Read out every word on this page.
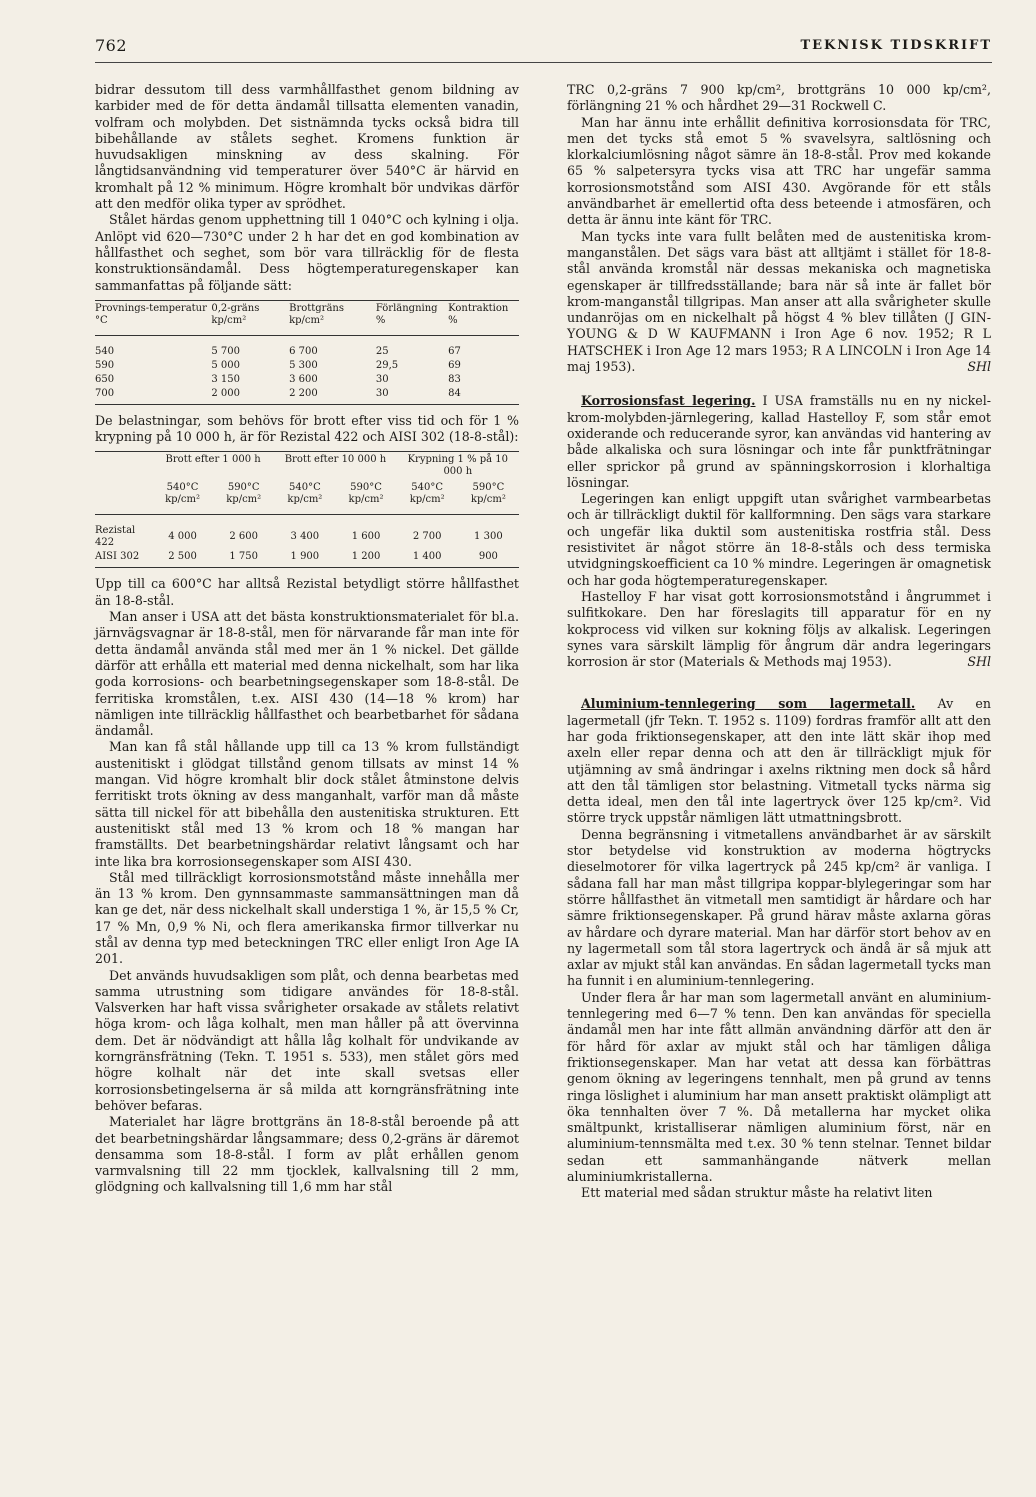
762	TEKNISK TIDSKRIFT

bidrar dessutom till dess varmhållfasthet genom bildning av karbider med de för detta ändamål tillsatta elementen vanadin, volfram och molybden. Det sistnämnda tycks också bidra till bibehållande av stålets seghet. Kromens funktion är huvudsakligen minskning av dess skalning. För långtidsanvändning vid temperaturer över 540°C är härvid en kromhalt på 12 % minimum. Högre kromhalt bör undvikas därför att den medför olika typer av sprödhet.

Stålet härdas genom upphettning till 1 040°C och kylning i olja. Anlöpt vid 620—730°C under 2 h har det en god kombination av hållfasthet och seghet, som bör vara tillräcklig för de flesta konstruktionsändamål. Dess högtemperaturegenskaper kan sammanfattas på följande sätt:

Provnings-temperatur °C	0,2-gräns kp/cm²	Brottgräns kp/cm²	Förlängning %	Kontraktion %
540	5 700	6 700	25	67
590	5 000	5 300	29,5	69
650	3 150	3 600	30	83
700	2 000	2 200	30	84

De belastningar, som behövs för brott efter viss tid och för 1 % krypning på 10 000 h, är för Rezistal 422 och AISI 302 (18-8-stål):

	Brott efter 1 000 h		Brott efter 10 000 h		Krypning 1 % på 10 000 h	
	540°C kp/cm²	590°C kp/cm²	540°C kp/cm²	590°C kp/cm²	540°C kp/cm²	590°C kp/cm²
Rezistal 422	4 000	2 600	3 400	1 600	2 700	1 300
AISI 302	2 500	1 750	1 900	1 200	1 400	900

Upp till ca 600°C har alltså Rezistal betydligt större hållfasthet än 18-8-stål.

Man anser i USA att det bästa konstruktionsmaterialet för bl.a. järnvägsvagnar är 18-8-stål, men för närvarande får man inte för detta ändamål använda stål med mer än 1 % nickel. Det gällde därför att erhålla ett material med denna nickelhalt, som har lika goda korrosions- och bearbetningsegenskaper som 18-8-stål. De ferritiska kromstålen, t.ex. AISI 430 (14—18 % krom) har nämligen inte tillräcklig hållfasthet och bearbetbarhet för sådana ändamål.

Man kan få stål hållande upp till ca 13 % krom fullständigt austenitiskt i glödgat tillstånd genom tillsats av minst 14 % mangan. Vid högre kromhalt blir dock stålet åtminstone delvis ferritiskt trots ökning av dess manganhalt, varför man då måste sätta till nickel för att bibehålla den austenitiska strukturen. Ett austenitiskt stål med 13 % krom och 18 % mangan har framställts. Det bearbetningshärdar relativt långsamt och har inte lika bra korrosionsegenskaper som AISI 430.

Stål med tillräckligt korrosionsmotstånd måste innehålla mer än 13 % krom. Den gynnsammaste sammansättningen man då kan ge det, när dess nickelhalt skall understiga 1 %, är 15,5 % Cr, 17 % Mn, 0,9 % Ni, och flera amerikanska firmor tillverkar nu stål av denna typ med beteckningen TRC eller enligt Iron Age IA 201.

Det används huvudsakligen som plåt, och denna bearbetas med samma utrustning som tidigare användes för 18-8-stål. Valsverken har haft vissa svårigheter orsakade av stålets relativt höga krom- och låga kolhalt, men man håller på att övervinna dem. Det är nödvändigt att hålla låg kolhalt för undvikande av korngränsfrätning (Tekn. T. 1951 s. 533), men stålet görs med högre kolhalt när det inte skall svetsas eller korrosionsbetingelserna är så milda att korngränsfrätning inte behöver befaras.

Materialet har lägre brottgräns än 18-8-stål beroende på att det bearbetningshärdar långsammare; dess 0,2-gräns är däremot densamma som 18-8-stål. I form av plåt erhållen genom varmvalsning till 22 mm tjocklek, kallvalsning till 2 mm, glödgning och kallvalsning till 1,6 mm har stål

TRC 0,2-gräns 7 900 kp/cm², brottgräns 10 000 kp/cm², förlängning 21 % och hårdhet 29—31 Rockwell C.

Man har ännu inte erhållit definitiva korrosionsdata för TRC, men det tycks stå emot 5 % svavelsyra, saltlösning och klorkalciumlösning något sämre än 18-8-stål. Prov med kokande 65 % salpetersyra tycks visa att TRC har ungefär samma korrosionsmotstånd som AISI 430. Avgörande för ett ståls användbarhet är emellertid ofta dess beteende i atmosfären, och detta är ännu inte känt för TRC.

Man tycks inte vara fullt belåten med de austenitiska krom-manganstålen. Det sägs vara bäst att alltjämt i stället för 18-8-stål använda kromstål när dessas mekaniska och magnetiska egenskaper är tillfredsställande; bara när så inte är fallet bör krom-manganstål tillgripas. Man anser att alla svårigheter skulle undanröjas om en nickelhalt på högst 4 % blev tillåten (J GIN-YOUNG & D W KAUFMANN i Iron Age 6 nov. 1952; R L HATSCHEK i Iron Age 12 mars 1953; R A LINCOLN i Iron Age 14 maj 1953).	SHl

Korrosionsfast legering. I USA framställs nu en ny nickel-krom-molybden-järnlegering, kallad Hastelloy F, som står emot oxiderande och reducerande syror, kan användas vid hantering av både alkaliska och sura lösningar och inte får punktfrätningar eller sprickor på grund av spänningskorrosion i klorhaltiga lösningar.

Legeringen kan enligt uppgift utan svårighet varmbearbetas och är tillräckligt duktil för kallformning. Den sägs vara starkare och ungefär lika duktil som austenitiska rostfria stål. Dess resistivitet är något större än 18-8-ståls och dess termiska utvidgningskoefficient ca 10 % mindre. Legeringen är omagnetisk och har goda högtemperaturegenskaper.

Hastelloy F har visat gott korrosionsmotstånd i ångrummet i sulfitkokare. Den har föreslagits till apparatur för en ny kokprocess vid vilken sur kokning följs av alkalisk. Legeringen synes vara särskilt lämplig för ångrum där andra legeringars korrosion är stor (Materials & Methods maj 1953).	SHl

Aluminium-tennlegering som lagermetall. Av en lagermetall (jfr Tekn. T. 1952 s. 1109) fordras framför allt att den har goda friktionsegenskaper, att den inte lätt skär ihop med axeln eller repar denna och att den är tillräckligt mjuk för utjämning av små ändringar i axelns riktning men dock så hård att den tål tämligen stor belastning. Vitmetall tycks närma sig detta ideal, men den tål inte lagertryck över 125 kp/cm². Vid större tryck uppstår nämligen lätt utmattningsbrott.

Denna begränsning i vitmetallens användbarhet är av särskilt stor betydelse vid konstruktion av moderna högtrycks dieselmotorer för vilka lagertryck på 245 kp/cm² är vanliga. I sådana fall har man måst tillgripa koppar-blylegeringar som har större hållfasthet än vitmetall men samtidigt är hårdare och har sämre friktionsegenskaper. På grund härav måste axlarna göras av hårdare och dyrare material. Man har därför stort behov av en ny lagermetall som tål stora lagertryck och ändå är så mjuk att axlar av mjukt stål kan användas. En sådan lagermetall tycks man ha funnit i en aluminium-tennlegering.

Under flera år har man som lagermetall använt en aluminium-tennlegering med 6—7 % tenn. Den kan användas för speciella ändamål men har inte fått allmän användning därför att den är för hård för axlar av mjukt stål och har tämligen dåliga friktionsegenskaper. Man har vetat att dessa kan förbättras genom ökning av legeringens tennhalt, men på grund av tenns ringa löslighet i aluminium har man ansett praktiskt olämpligt att öka tennhalten över 7 %. Då metallerna har mycket olika smältpunkt, kristalliserar nämligen aluminium först, när en aluminium-tennsmälta med t.ex. 30 % tenn stelnar. Tennet bildar sedan ett sammanhängande nätverk mellan aluminiumkristallerna.

Ett material med sådan struktur måste ha relativt liten
